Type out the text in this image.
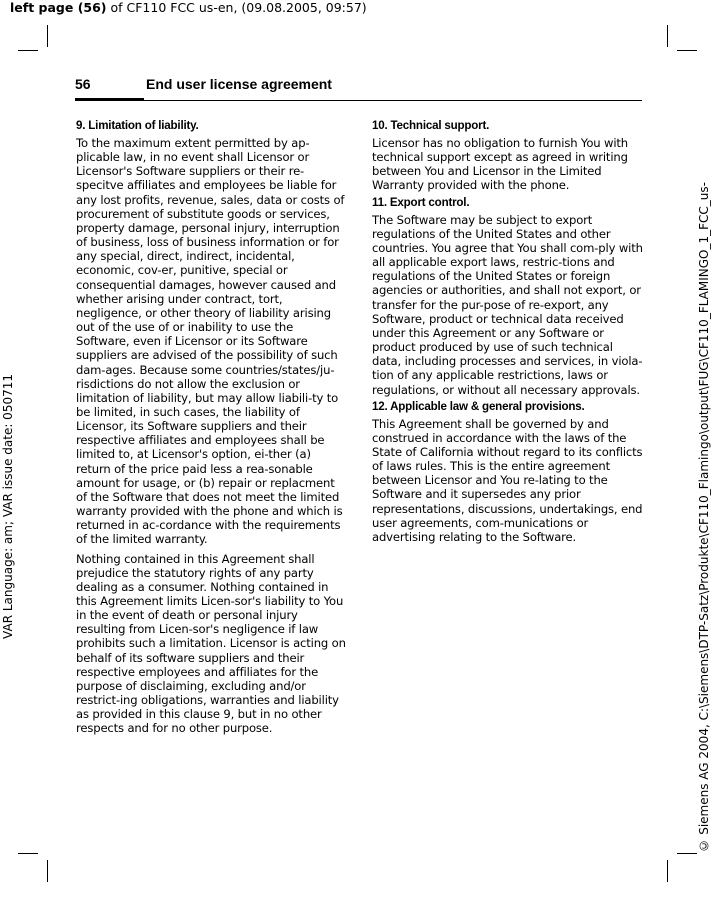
left page (56) of CF110 FCC us-en, (09.08.2005, 09:57)
VAR Language: am; VAR issue date: 050711	© Siemens AG 2004, C:\Siemens\DTP-Satz\Produkte\CF110_Flamingo\output\FUG\CF110_FLAMINGO_1_FCC_us-
56	End user license agreement
9. Limitation of liability.

To the maximum extent permitted by ap-plicable law, in no event shall Licensor or Licensor's Software suppliers or their re-specitve affiliates and employees be liable for any lost profits, revenue, sales, data or costs of procurement of substitute goods or services, property damage, personal injury, interruption of business, loss of business information or for any special, direct, indirect, incidental, economic, cov-er, punitive, special or consequential damages, however caused and whether arising under contract, tort, negligence, or other theory of liability arising out of the use of or inability to use the Software, even if Licensor or its Software suppliers are advised of the possibility of such dam-ages. Because some countries/states/ju-risdictions do not allow the exclusion or limitation of liability, but may allow liabili-ty to be limited, in such cases, the liability of Licensor, its Software suppliers and their respective affiliates and employees shall be limited to, at Licensor's option, ei-ther (a) return of the price paid less a rea-sonable amount for usage, or (b) repair or replacment of the Software that does not meet the limited warranty provided with the phone and which is returned in ac-cordance with the requirements of the limited warranty.

Nothing contained in this Agreement shall prejudice the statutory rights of any party dealing as a consumer. Nothing contained in this Agreement limits Licen-sor's liability to You in the event of death or personal injury resulting from Licen-sor's negligence if law prohibits such a limitation. Licensor is acting on behalf of its software suppliers and their respective employees and affiliates for the purpose of disclaiming, excluding and/or restrict-ing obligations, warranties and liability as provided in this clause 9, but in no other respects and for no other purpose.

10. Technical support.

Licensor has no obligation to furnish You with technical support except as agreed in writing between You and Licensor in the Limited Warranty provided with the phone.

11. Export control.

The Software may be subject to export regulations of the United States and other countries. You agree that You shall com-ply with all applicable export laws, restric-tions and regulations of the United States or foreign agencies or authorities, and shall not export, or transfer for the pur-pose of re-export, any Software, product or technical data received under this Agreement or any Software or product produced by use of such technical data, including processes and services, in viola-tion of any applicable restrictions, laws or regulations, or without all necessary approvals.

12. Applicable law & general provisions.

This Agreement shall be governed by and construed in accordance with the laws of the State of California without regard to its conflicts of laws rules. This is the entire agreement between Licensor and You re-lating to the Software and it supersedes any prior representations, discussions, undertakings, end user agreements, com-munications or advertising relating to the Software.
